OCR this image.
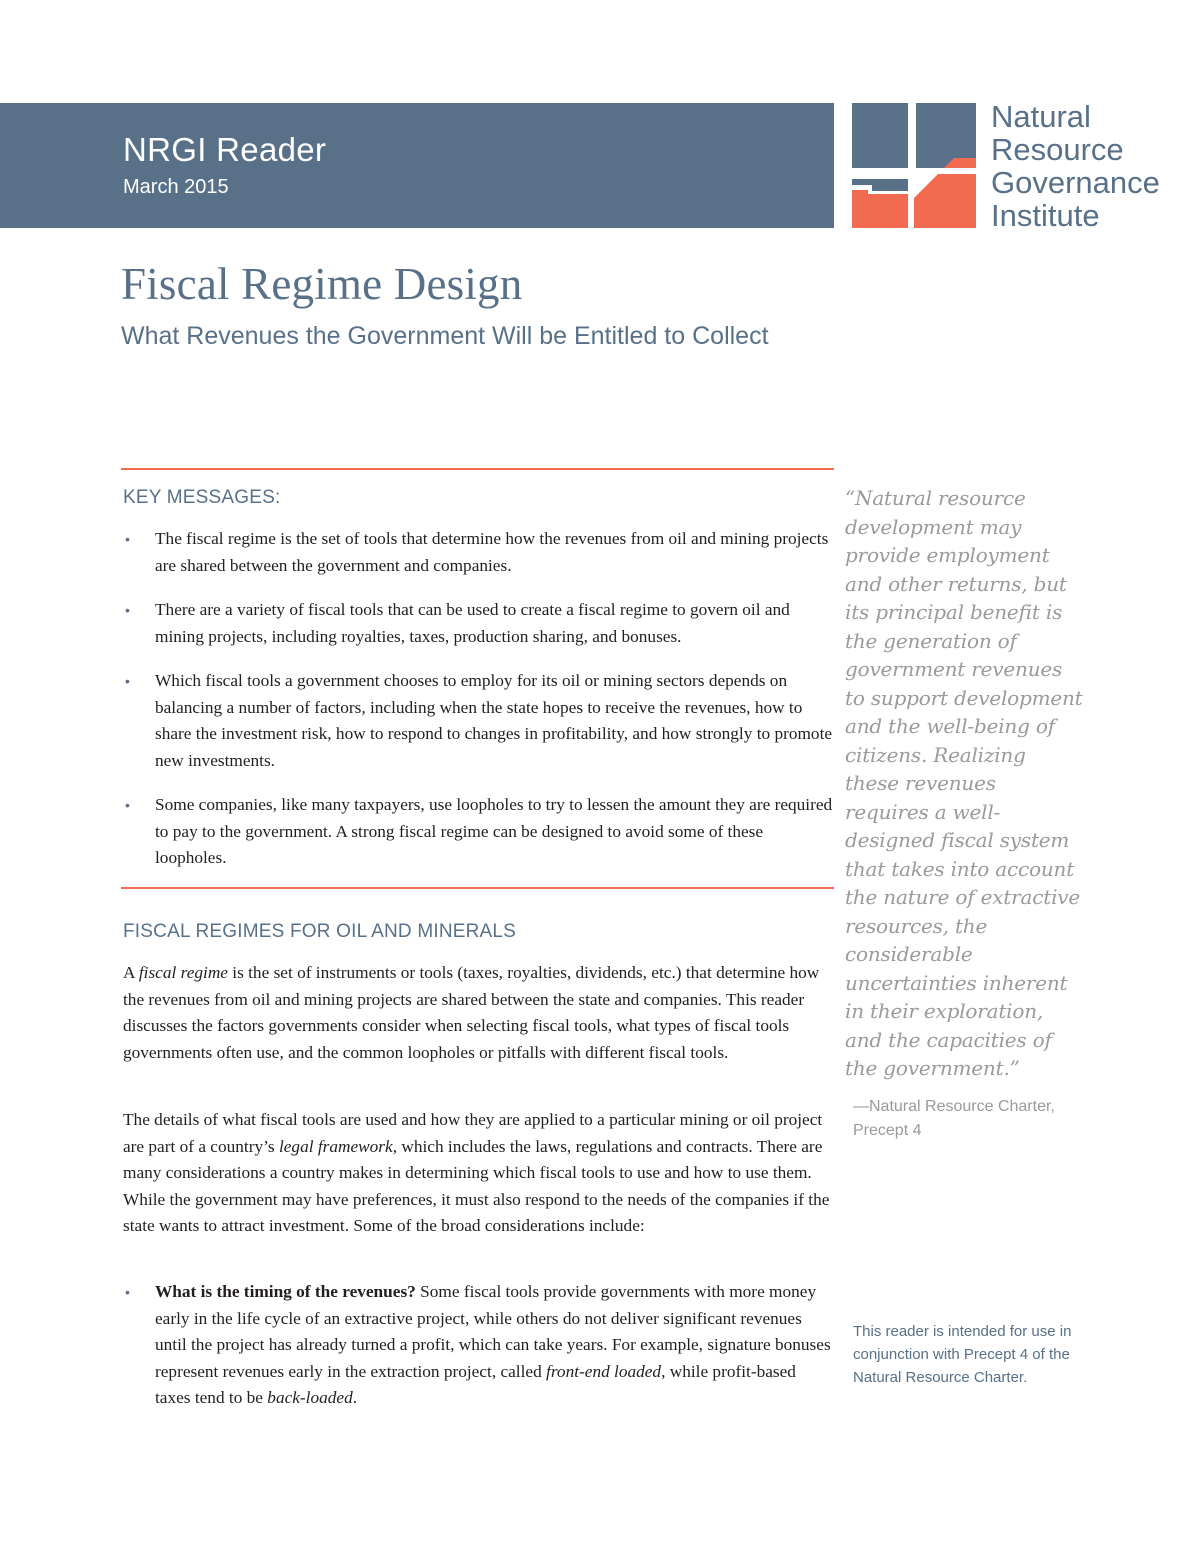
NRGI Reader
March 2015
Natural
Resource
Governance
Institute
Fiscal Regime Design
What Revenues the Government Will be Entitled to Collect
KEY MESSAGES:
• The fiscal regime is the set of tools that determine how the revenues from oil and mining projects are shared between the government and companies.
• There are a variety of fiscal tools that can be used to create a fiscal regime to govern oil and mining projects, including royalties, taxes, production sharing, and bonuses.
• Which fiscal tools a government chooses to employ for its oil or mining sectors depends on balancing a number of factors, including when the state hopes to receive the revenues, how to share the investment risk, how to respond to changes in profitability, and how strongly to promote new investments.
• Some companies, like many taxpayers, use loopholes to try to lessen the amount they are required to pay to the government. A strong fiscal regime can be designed to avoid some of these loopholes.
FISCAL REGIMES FOR OIL AND MINERALS

A fiscal regime is the set of instruments or tools (taxes, royalties, dividends, etc.) that determine how the revenues from oil and mining projects are shared between the state and companies. This reader discusses the factors governments consider when selecting fiscal tools, what types of fiscal tools governments often use, and the common loopholes or pitfalls with different fiscal tools.

The details of what fiscal tools are used and how they are applied to a particular mining or oil project are part of a country’s legal framework, which includes the laws, regulations and contracts. There are many considerations a country makes in determining which fiscal tools to use and how to use them. While the government may have preferences, it must also respond to the needs of the companies if the state wants to attract investment. Some of the broad considerations include:

• What is the timing of the revenues? Some fiscal tools provide governments with more money early in the life cycle of an extractive project, while others do not deliver significant revenues until the project has already turned a profit, which can take years. For example, signature bonuses represent revenues early in the extraction project, called front-end loaded, while profit-based taxes tend to be back-loaded.
“Natural resource development may provide employment and other returns, but its principal benefit is the generation of government revenues to support development and the well-being of citizens. Realizing these revenues requires a well-designed fiscal system that takes into account the nature of extractive resources, the considerable uncertainties inherent in their exploration, and the capacities of the government.”
—Natural Resource Charter, Precept 4
This reader is intended for use in conjunction with Precept 4 of the Natural Resource Charter.
